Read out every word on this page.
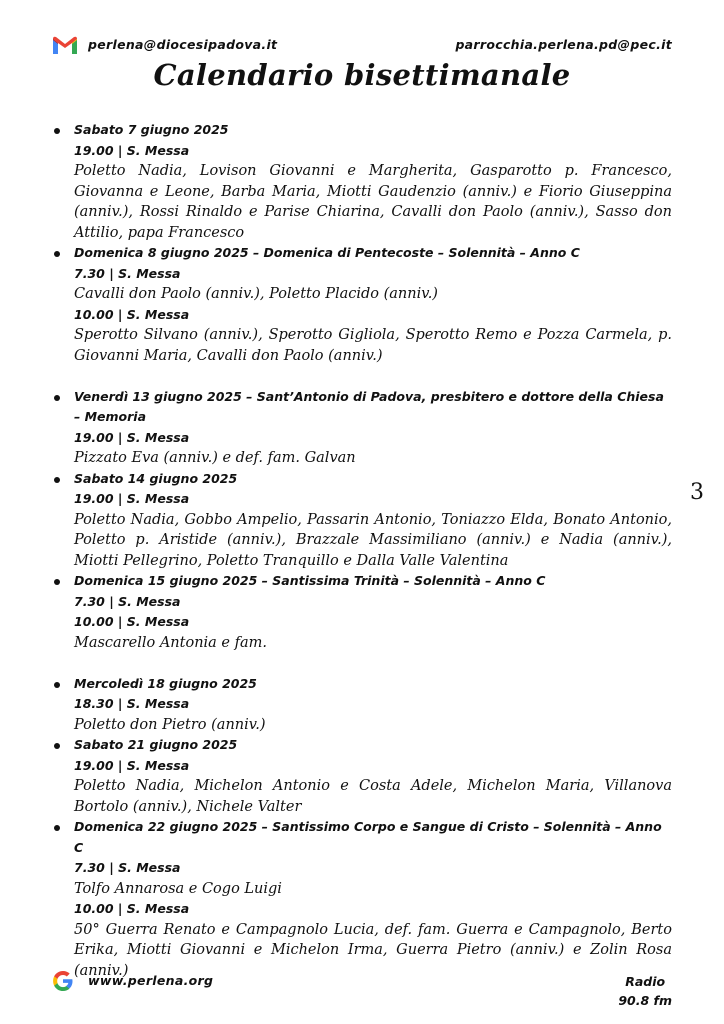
perlena@diocesipadova.it	parrocchia.perlena.pd@pec.it
Calendario bisettimanale
3
Sabato 7 giugno 2025
19.00 | S. Messa
Poletto Nadia, Lovison Giovanni e Margherita, Gasparotto p. Francesco, Giovanna e Leone, Barba Maria, Miotti Gaudenzio (anniv.) e Fiorio Giuseppina (anniv.), Rossi Rinaldo e Parise Chiarina, Cavalli don Paolo (anniv.), Sasso don Attilio, papa Francesco
Domenica 8 giugno 2025 – Domenica di Pentecoste – Solennità – Anno C
7.30 | S. Messa
Cavalli don Paolo (anniv.), Poletto Placido (anniv.)
10.00 | S. Messa
Sperotto Silvano (anniv.), Sperotto Gigliola, Sperotto Remo e Pozza Carmela, p. Giovanni Maria, Cavalli don Paolo (anniv.)
Venerdì 13 giugno 2025 – Sant’Antonio di Padova, presbitero e dottore della Chiesa – Memoria
19.00 | S. Messa
Pizzato Eva (anniv.) e def. fam. Galvan
Sabato 14 giugno 2025
19.00 | S. Messa
Poletto Nadia, Gobbo Ampelio, Passarin Antonio, Toniazzo Elda, Bonato Antonio, Poletto p. Aristide (anniv.), Brazzale Massimiliano (anniv.) e Nadia (anniv.), Miotti Pellegrino, Poletto Tranquillo e Dalla Valle Valentina
Domenica 15 giugno 2025 – Santissima Trinità – Solennità – Anno C
7.30 | S. Messa
10.00 | S. Messa
Mascarello Antonia e fam.
Mercoledì 18 giugno 2025
18.30 | S. Messa
Poletto don Pietro (anniv.)
Sabato 21 giugno 2025
19.00 | S. Messa
Poletto Nadia, Michelon Antonio e Costa Adele, Michelon Maria, Villanova Bortolo (anniv.), Nichele Valter
Domenica 22 giugno 2025 – Santissimo Corpo e Sangue di Cristo – Solennità – Anno C
7.30 | S. Messa
Tolfo Annarosa e Cogo Luigi
10.00 | S. Messa
50° Guerra Renato e Campagnolo Lucia, def. fam. Guerra e Campagnolo, Berto Erika, Miotti Giovanni e Michelon Irma, Guerra Pietro (anniv.) e Zolin Rosa (anniv.)
www.perlena.org	Radio
90.8 fm
